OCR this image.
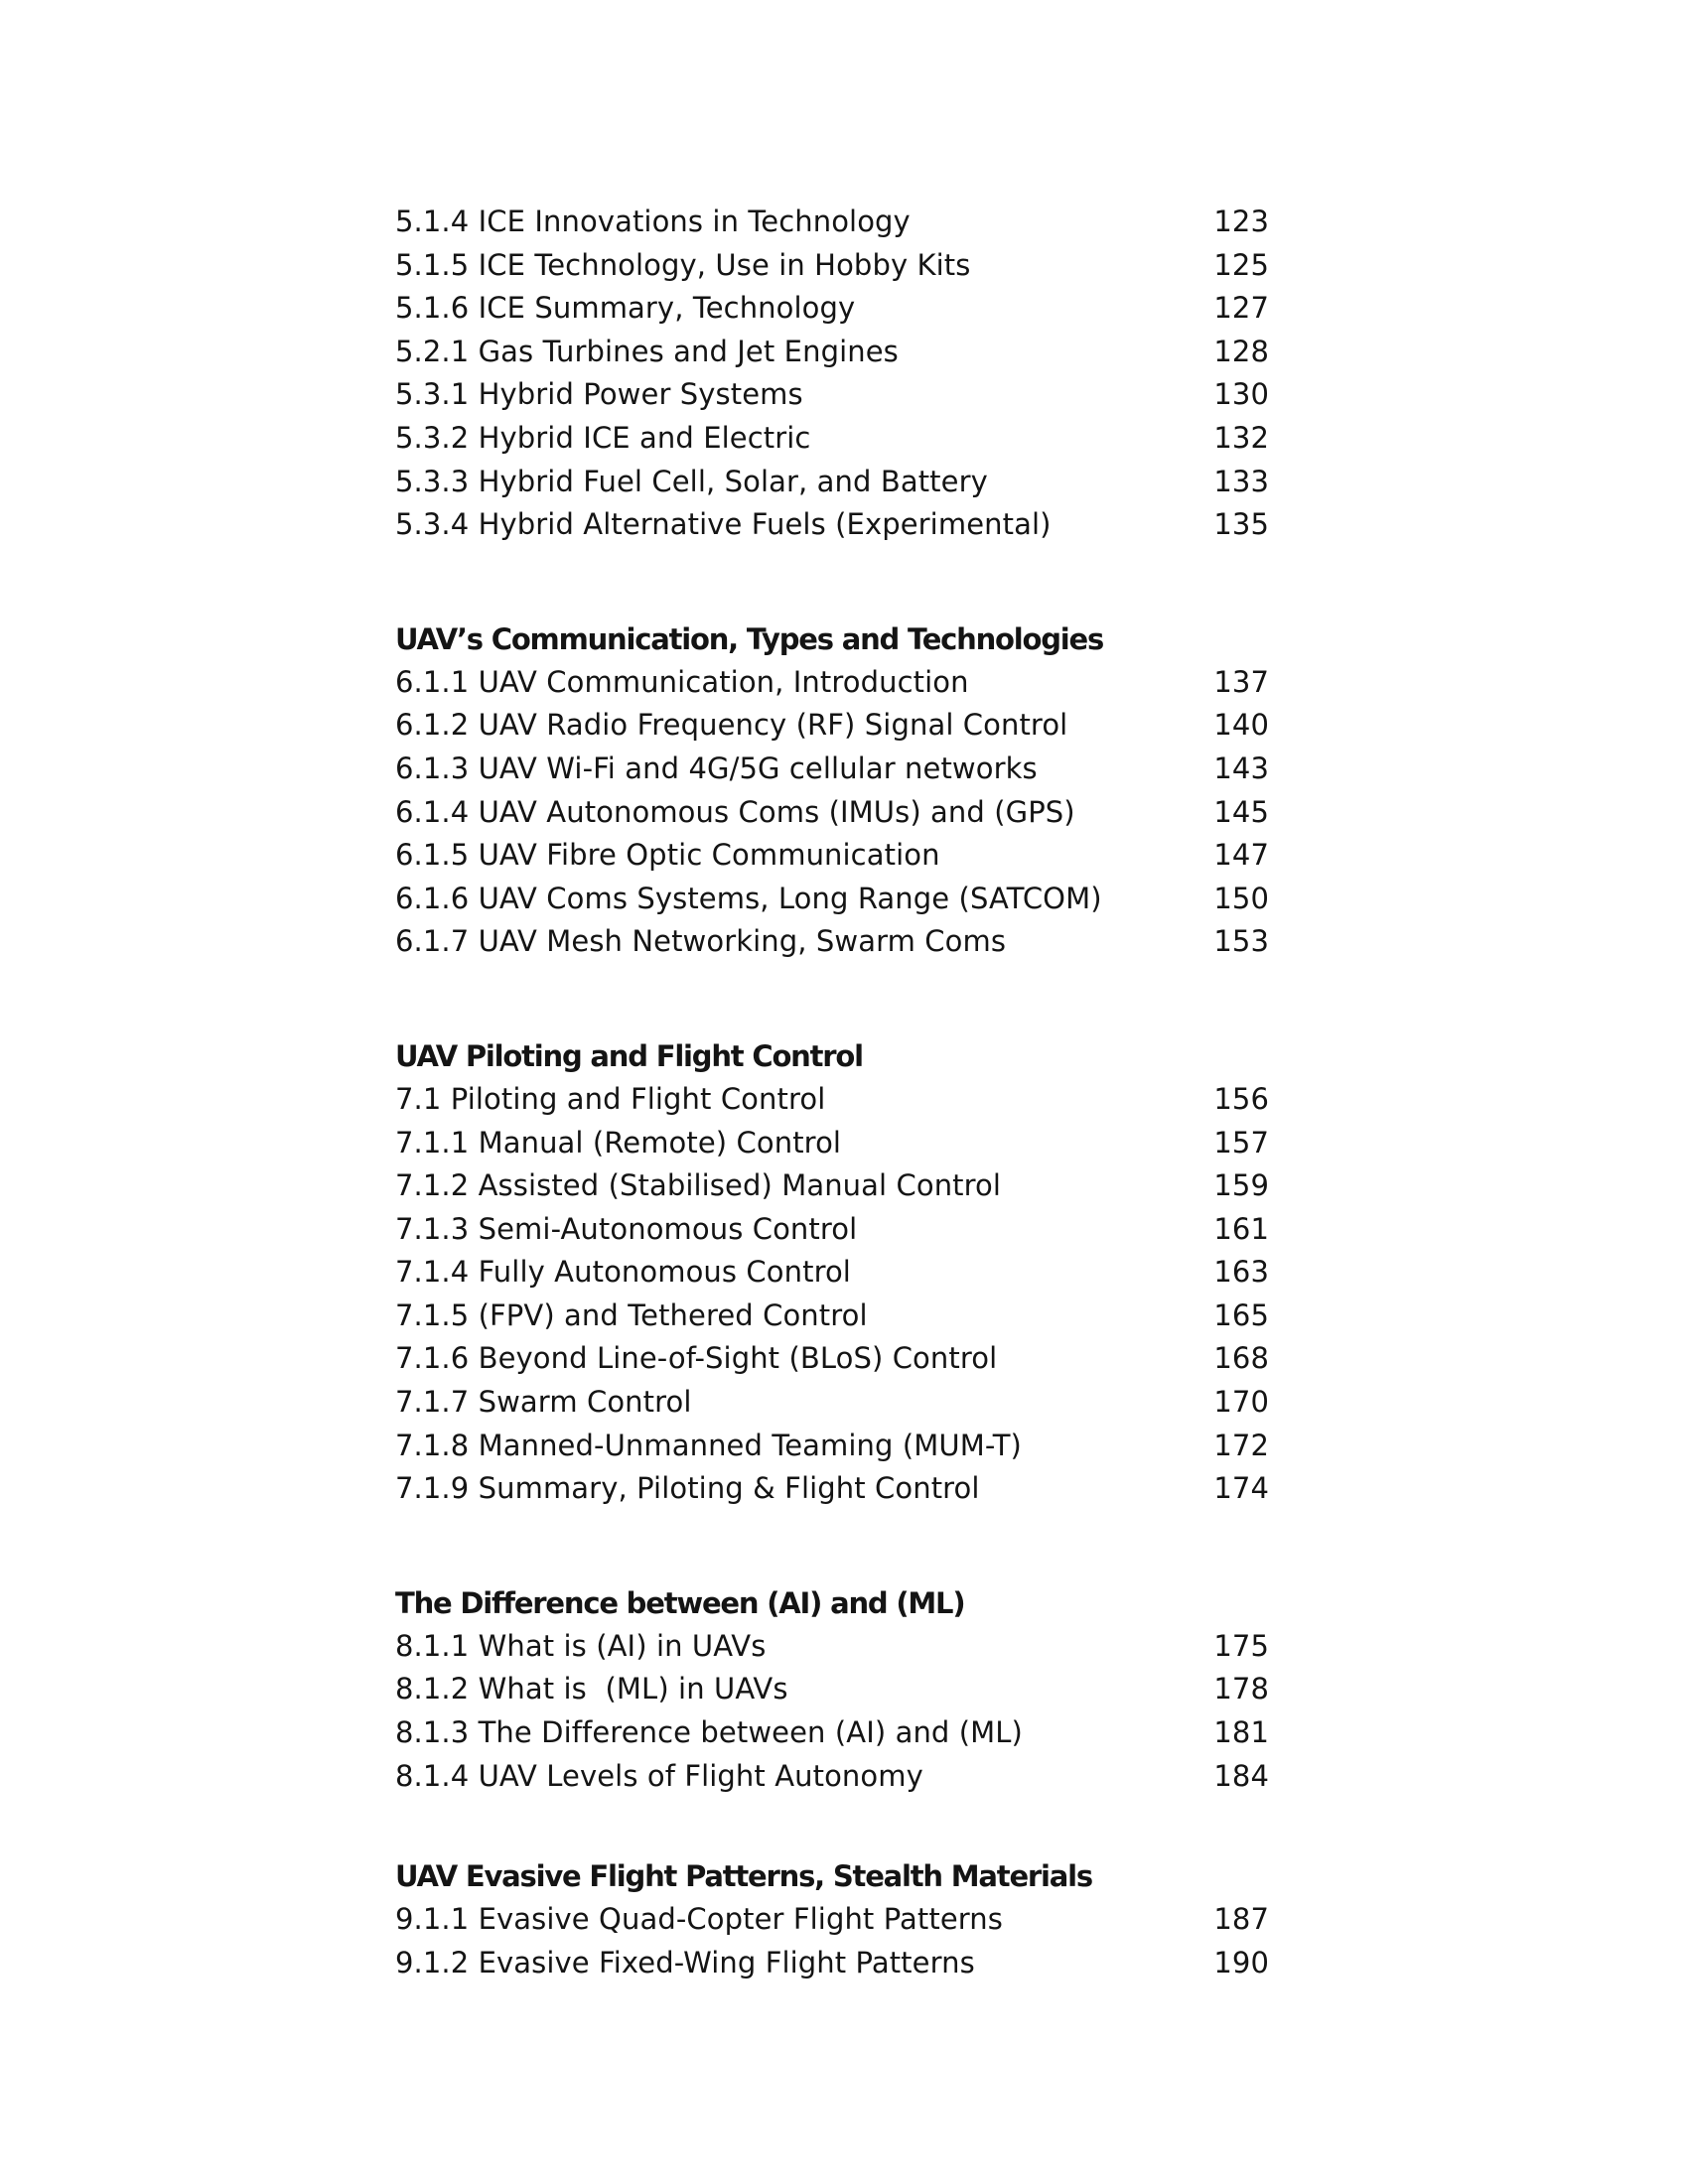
5.1.4 ICE Innovations in Technology	123
5.1.5 ICE Technology, Use in Hobby Kits	125
5.1.6 ICE Summary, Technology	127
5.2.1 Gas Turbines and Jet Engines	128
5.3.1 Hybrid Power Systems	130
5.3.2 Hybrid ICE and Electric	132
5.3.3 Hybrid Fuel Cell, Solar, and Battery	133
5.3.4 Hybrid Alternative Fuels (Experimental)	135
UAV’s Communication, Types and Technologies
6.1.1 UAV Communication, Introduction	137
6.1.2 UAV Radio Frequency (RF) Signal Control	140
6.1.3 UAV Wi-Fi and 4G/5G cellular networks	143
6.1.4 UAV Autonomous Coms (IMUs) and (GPS)	145
6.1.5 UAV Fibre Optic Communication	147
6.1.6 UAV Coms Systems, Long Range (SATCOM)	150
6.1.7 UAV Mesh Networking, Swarm Coms	153
UAV Piloting and Flight Control
7.1 Piloting and Flight Control	156
7.1.1 Manual (Remote) Control	157
7.1.2 Assisted (Stabilised) Manual Control	159
7.1.3 Semi-Autonomous Control	161
7.1.4 Fully Autonomous Control	163
7.1.5 (FPV) and Tethered Control	165
7.1.6 Beyond Line-of-Sight (BLoS) Control	168
7.1.7 Swarm Control	170
7.1.8 Manned-Unmanned Teaming (MUM-T)	172
7.1.9 Summary, Piloting & Flight Control	174
The Difference between (AI) and (ML)
8.1.1 What is (AI) in UAVs	175
8.1.2 What is  (ML) in UAVs	178
8.1.3 The Difference between (AI) and (ML)	181
8.1.4 UAV Levels of Flight Autonomy	184
UAV Evasive Flight Patterns, Stealth Materials
9.1.1 Evasive Quad-Copter Flight Patterns	187
9.1.2 Evasive Fixed-Wing Flight Patterns	190
